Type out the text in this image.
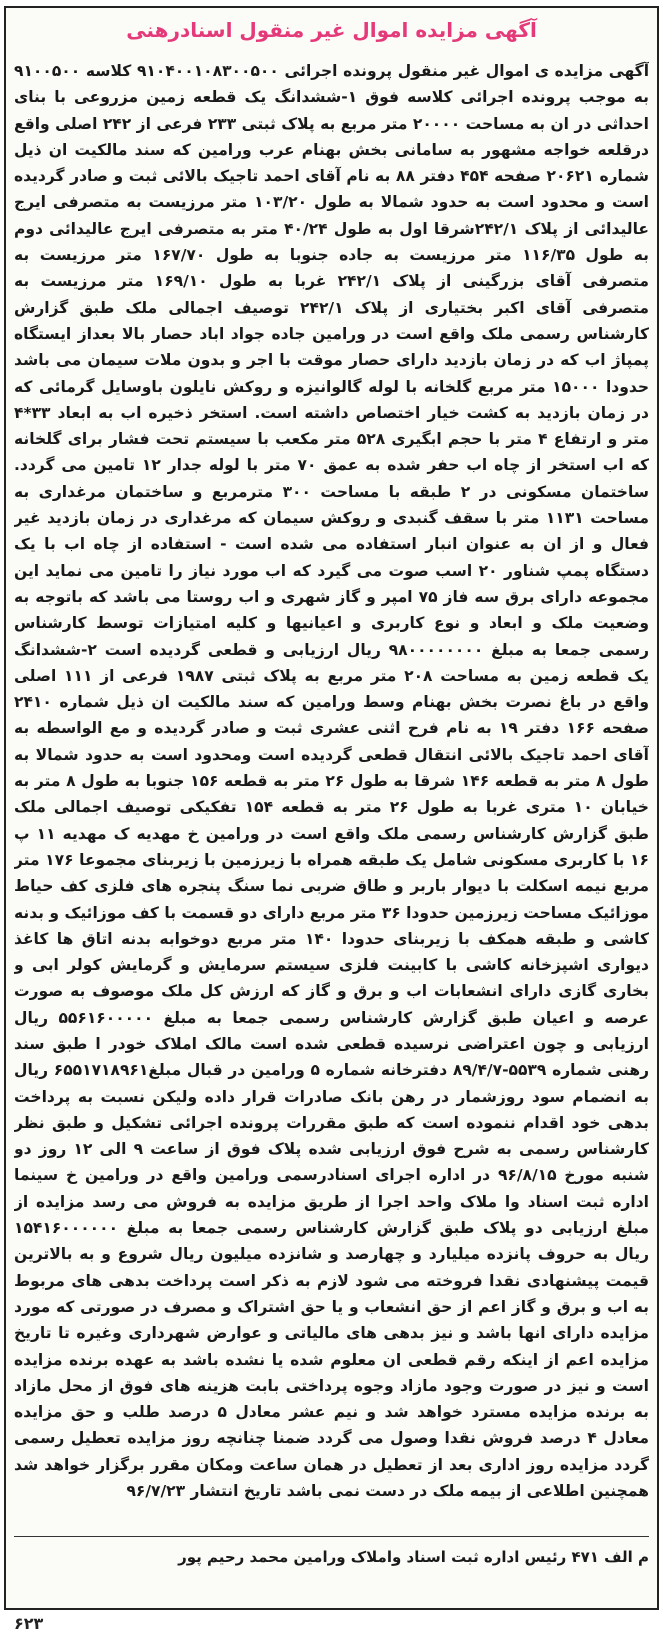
آگهی مزایده اموال غیر منقول اسنادرهنی
آگهی مزایده ی اموال غیر منقول پرونده اجرائی ۹۱۰۴۰۰۱۰۸۳۰۰۵۰۰ کلاسه ۹۱۰۰۵۰۰ به موجب پرونده اجرائی کلاسه فوق ۱-ششدانگ یک قطعه زمین مزروعی با بنای احداثی در ان به مساحت ۲۰۰۰۰ متر مربع به پلاک ثبتی ۲۳۳ فرعی از ۲۴۲ اصلی واقع درقلعه خواجه مشهور به سامانی بخش بهنام عرب ورامین که سند مالکیت ان ذیل شماره ۲۰۶۲۱ صفحه ۴۵۴ دفتر ۸۸ به نام آقای احمد تاجیک بالائی ثبت و صادر گردیده است و محدود است به حدود شمالا به طول ۱۰۳/۲۰ متر مرزیست به متصرفی ایرج عالیدائی از پلاک ۲۴۲/۱شرقا اول به طول ۴۰/۲۴ متر به متصرفی ایرج عالیدائی دوم به طول ۱۱۶/۳۵ متر مرزیست به جاده جنوبا به طول ۱۶۷/۷۰ متر مرزیست به متصرفی آقای بزرگینی از پلاک ۲۴۲/۱ غربا به طول ۱۶۹/۱۰ متر مرزیست به متصرفی آقای اکبر بختیاری از پلاک ۲۴۲/۱ توصیف اجمالی ملک طبق گزارش کارشناس رسمی ملک واقع است در ورامین جاده جواد اباد حصار بالا بعداز ایستگاه پمپاژ اب که در زمان بازدید دارای حصار موقت با اجر و بدون ملات سیمان می باشد حدودا ۱۵۰۰۰ متر مربع گلخانه با لوله گالوانیزه و روکش نایلون باوسایل گرمائی که در زمان بازدید به کشت خیار اختصاص داشته است. استخر ذخیره اب به ابعاد ۳۳*۴ متر و ارتفاع ۴ متر با حجم ابگیری ۵۲۸ متر مکعب با سیستم تحت فشار برای گلخانه که اب استخر از چاه اب حفر شده به عمق ۷۰ متر با لوله جدار ۱۲ تامین می گردد. ساختمان مسکونی در ۲ طبقه با مساحت ۳۰۰ مترمربع و ساختمان مرغداری به مساحت ۱۱۳۱ متر با سقف گنبدی و روکش سیمان که مرغداری در زمان بازدید غیر فعال و از ان به عنوان انبار استفاده می شده است - استفاده از چاه اب با یک دستگاه پمپ شناور ۲۰ اسب صوت می گیرد که اب مورد نیاز را تامین می نماید این مجموعه دارای برق سه فاز ۷۵ امپر و گاز شهری و اب روستا می باشد که باتوجه به وضعیت ملک و ابعاد و نوع کاربری و اعیانیها و کلیه امتیازات توسط کارشناس رسمی جمعا به مبلغ ۹۸۰۰۰۰۰۰۰۰ ریال ارزیابی و قطعی گردیده است ۲-ششدانگ یک قطعه زمین به مساحت ۲۰۸ متر مربع به پلاک ثبتی ۱۹۸۷ فرعی از ۱۱۱ اصلی واقع در باغ نصرت بخش بهنام وسط ورامین که سند مالکیت ان ذیل شماره ۲۴۱۰ صفحه ۱۶۶ دفتر ۱۹ به نام فرح اثنی عشری ثبت و صادر گردیده و مع الواسطه به آقای احمد تاجیک بالائی انتقال قطعی گردیده است ومحدود است به حدود شمالا به طول ۸ متر به قطعه ۱۴۶ شرقا به طول ۲۶ متر به قطعه ۱۵۶ جنوبا به طول ۸ متر به خیابان ۱۰ متری غربا به طول ۲۶ متر به قطعه ۱۵۴ تفکیکی توصیف اجمالی ملک طبق گزارش کارشناس رسمی ملک واقع است در ورامین خ مهدیه ک مهدیه ۱۱ پ ۱۶ با کاربری مسکونی شامل یک طبقه همراه با زیرزمین با زیربنای مجموعا ۱۷۶ متر مربع نیمه اسکلت با دیوار باربر و طاق ضربی نما سنگ پنجره های فلزی کف حیاط موزائیک مساحت زیرزمین حدودا ۳۶ متر مربع دارای دو قسمت با کف موزائیک و بدنه کاشی و طبقه همکف با زیربنای حدودا ۱۴۰ متر مربع دوخوابه بدنه اتاق ها کاغذ دیواری اشپزخانه کاشی با کابینت فلزی سیستم سرمایش و گرمایش کولر ابی و بخاری گازی دارای انشعابات اب و برق و گاز که ارزش کل ملک موصوف به صورت عرصه و اعیان طبق گزارش کارشناس رسمی جمعا به مبلغ ۵۵۶۱۶۰۰۰۰۰ ریال ارزیابی و چون اعتراضی نرسیده قطعی شده است مالک املاک خودر ا طبق سند رهنی شماره ۵۵۳۹-۸۹/۴/۷ دفترخانه شماره ۵ ورامین در قبال مبلغ۶۵۵۱۷۱۸۹۶۱ ریال به انضمام سود روزشمار در رهن بانک صادرات قرار داده ولیکن نسبت به پرداخت بدهی خود اقدام ننموده است که طبق مقررات پرونده اجرائی تشکیل و طبق نظر کارشناس رسمی به شرح فوق ارزیابی شده پلاک فوق از ساعت ۹ الی ۱۲ روز دو شنبه مورخ ۹۶/۸/۱۵ در اداره اجرای اسنادرسمی ورامین واقع در ورامین خ سینما اداره ثبت اسناد وا ملاک واحد اجرا از طریق مزایده به فروش می رسد مزایده از مبلغ ارزیابی دو پلاک طبق گزارش کارشناس رسمی جمعا به مبلغ ۱۵۴۱۶۰۰۰۰۰۰ ریال به حروف پانزده میلیارد و چهارصد و شانزده میلیون ریال شروع و به بالاترین قیمت پیشنهادی نقدا فروخته می شود لازم به ذکر است پرداخت بدهی های مربوط به اب و برق و گاز اعم از حق انشعاب و یا حق اشتراک و مصرف در صورتی که مورد مزایده دارای انها باشد و نیز بدهی های مالیاتی و عوارض شهرداری وغیره تا تاریخ مزایده اعم از اینکه رقم قطعی ان معلوم شده یا نشده باشد به عهده برنده مزایده است و نیز در صورت وجود مازاد وجوه پرداختی بابت هزینه های فوق از محل مازاد به برنده مزایده مسترد خواهد شد و نیم عشر معادل ۵ درصد طلب و حق مزایده معادل ۴ درصد فروش نقدا وصول می گردد ضمنا چنانچه روز مزایده تعطیل رسمی گردد مزایده روز اداری بعد از تعطیل در همان ساعت ومکان مقرر برگزار خواهد شد همچنین اطلاعی از بیمه ملک در دست نمی باشد تاریخ انتشار ۹۶/۷/۲۳
م الف ۴۷۱ رئیس اداره ثبت اسناد واملاک ورامین محمد رحیم پور
۶۲۳
